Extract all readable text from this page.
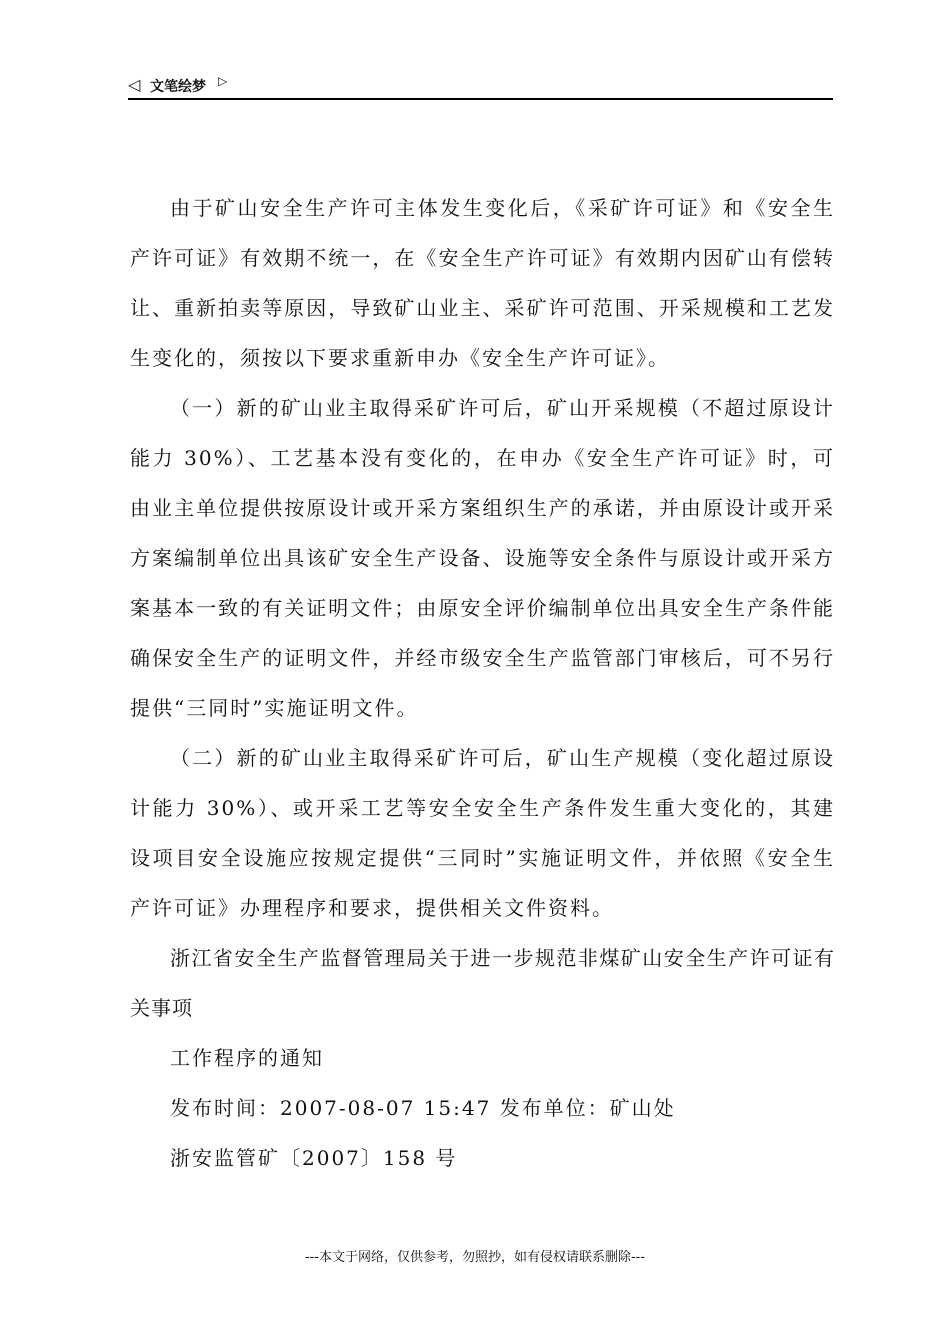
◁ 文笔绘梦 ▷

由于矿山安全生产许可主体发生变化后，《采矿许可证》和《安全生产许可证》有效期不统一，在《安全生产许可证》有效期内因矿山有偿转让、重新拍卖等原因，导致矿山业主、采矿许可范围、开采规模和工艺发生变化的，须按以下要求重新申办《安全生产许可证》。

（一）新的矿山业主取得采矿许可后，矿山开采规模（不超过原设计能力 30%）、工艺基本没有变化的，在申办《安全生产许可证》时，可由业主单位提供按原设计或开采方案组织生产的承诺，并由原设计或开采方案编制单位出具该矿安全生产设备、设施等安全条件与原设计或开采方案基本一致的有关证明文件；由原安全评价编制单位出具安全生产条件能确保安全生产的证明文件，并经市级安全生产监管部门审核后，可不另行提供“三同时”实施证明文件。

（二）新的矿山业主取得采矿许可后，矿山生产规模（变化超过原设计能力 30%）、或开采工艺等安全安全生产条件发生重大变化的，其建设项目安全设施应按规定提供“三同时”实施证明文件，并依照《安全生产许可证》办理程序和要求，提供相关文件资料。

浙江省安全生产监督管理局关于进一步规范非煤矿山安全生产许可证有关事项

工作程序的通知

发布时间：2007-08-07 15:47 发布单位：矿山处

浙安监管矿〔2007〕158 号

---本文于网络，仅供参考，勿照抄，如有侵权请联系删除---
